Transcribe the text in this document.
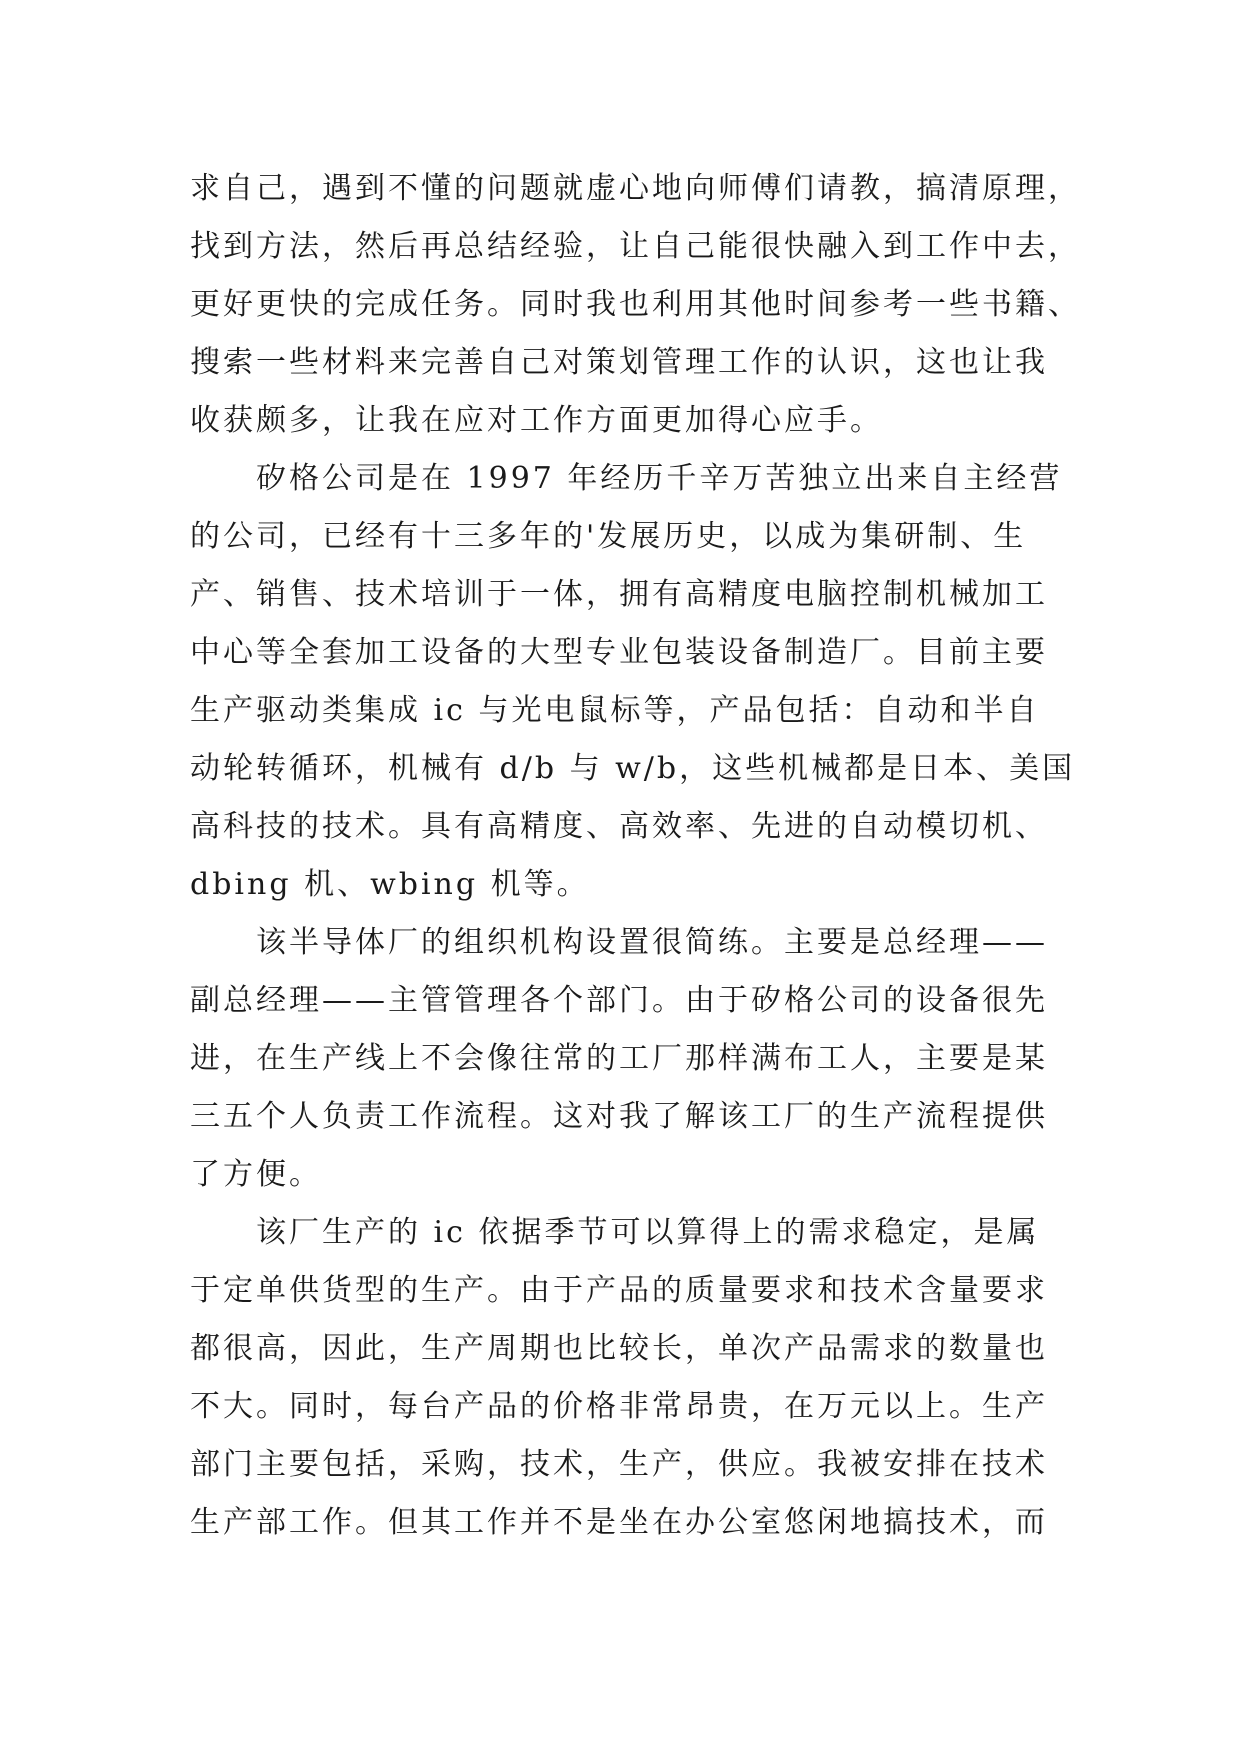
求自己，遇到不懂的问题就虚心地向师傅们请教，搞清原理，
找到方法，然后再总结经验，让自己能很快融入到工作中去，
更好更快的完成任务。同时我也利用其他时间参考一些书籍、
搜索一些材料来完善自己对策划管理工作的认识，这也让我
收获颇多，让我在应对工作方面更加得心应手。
矽格公司是在 1997 年经历千辛万苦独立出来自主经营
的公司，已经有十三多年的'发展历史，以成为集研制、生
产、销售、技术培训于一体，拥有高精度电脑控制机械加工
中心等全套加工设备的大型专业包装设备制造厂。目前主要
生产驱动类集成 ic 与光电鼠标等，产品包括：自动和半自
动轮转循环，机械有 d/b 与 w/b，这些机械都是日本、美国
高科技的技术。具有高精度、高效率、先进的自动模切机、
dbing 机、wbing 机等。
该半导体厂的组织机构设置很简练。主要是总经理——
副总经理——主管管理各个部门。由于矽格公司的设备很先
进，在生产线上不会像往常的工厂那样满布工人，主要是某
三五个人负责工作流程。这对我了解该工厂的生产流程提供
了方便。
该厂生产的 ic 依据季节可以算得上的需求稳定，是属
于定单供货型的生产。由于产品的质量要求和技术含量要求
都很高，因此，生产周期也比较长，单次产品需求的数量也
不大。同时，每台产品的价格非常昂贵，在万元以上。生产
部门主要包括，采购，技术，生产，供应。我被安排在技术
生产部工作。但其工作并不是坐在办公室悠闲地搞技术，而
